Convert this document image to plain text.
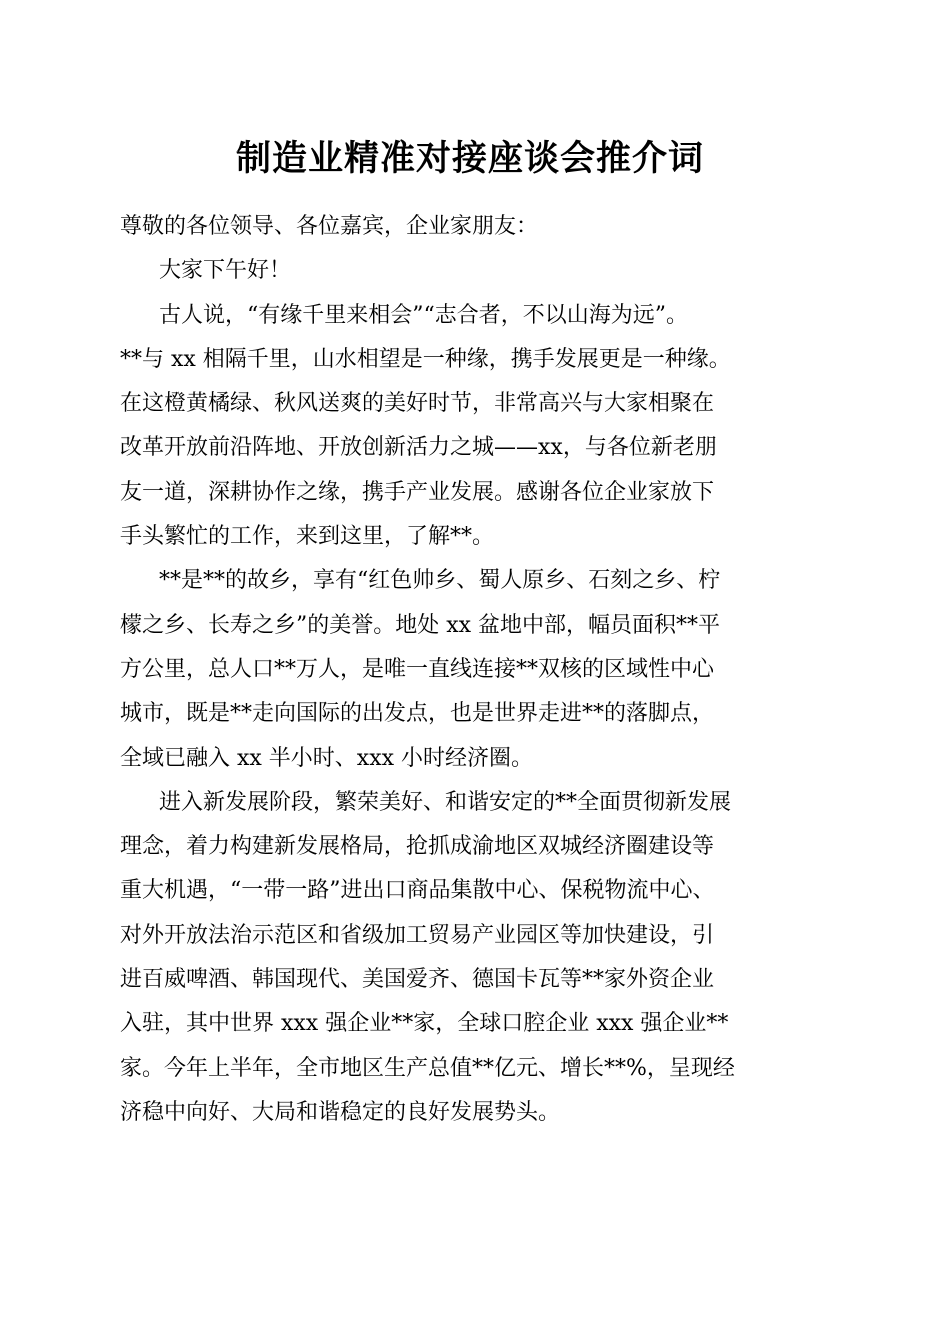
制造业精准对接座谈会推介词

尊敬的各位领导、各位嘉宾，企业家朋友：

大家下午好！

古人说，“有缘千里来相会”“志合者，不以山海为远”。
**与 xx 相隔千里，山水相望是一种缘，携手发展更是一种缘。
在这橙黄橘绿、秋风送爽的美好时节，非常高兴与大家相聚在
改革开放前沿阵地、开放创新活力之城——xx，与各位新老朋
友一道，深耕协作之缘，携手产业发展。感谢各位企业家放下
手头繁忙的工作，来到这里，了解**。

**是**的故乡，享有“红色帅乡、蜀人原乡、石刻之乡、柠
檬之乡、长寿之乡”的美誉。地处 xx 盆地中部，幅员面积**平
方公里，总人口**万人，是唯一直线连接**双核的区域性中心
城市，既是**走向国际的出发点，也是世界走进**的落脚点，
全域已融入 xx 半小时、xxx 小时经济圈。

进入新发展阶段，繁荣美好、和谐安定的**全面贯彻新发展
理念，着力构建新发展格局，抢抓成渝地区双城经济圈建设等
重大机遇，“一带一路”进出口商品集散中心、保税物流中心、
对外开放法治示范区和省级加工贸易产业园区等加快建设，引
进百威啤酒、韩国现代、美国爱齐、德国卡瓦等**家外资企业
入驻，其中世界 xxx 强企业**家，全球口腔企业 xxx 强企业**
家。今年上半年，全市地区生产总值**亿元、增长**%，呈现经
济稳中向好、大局和谐稳定的良好发展势头。
